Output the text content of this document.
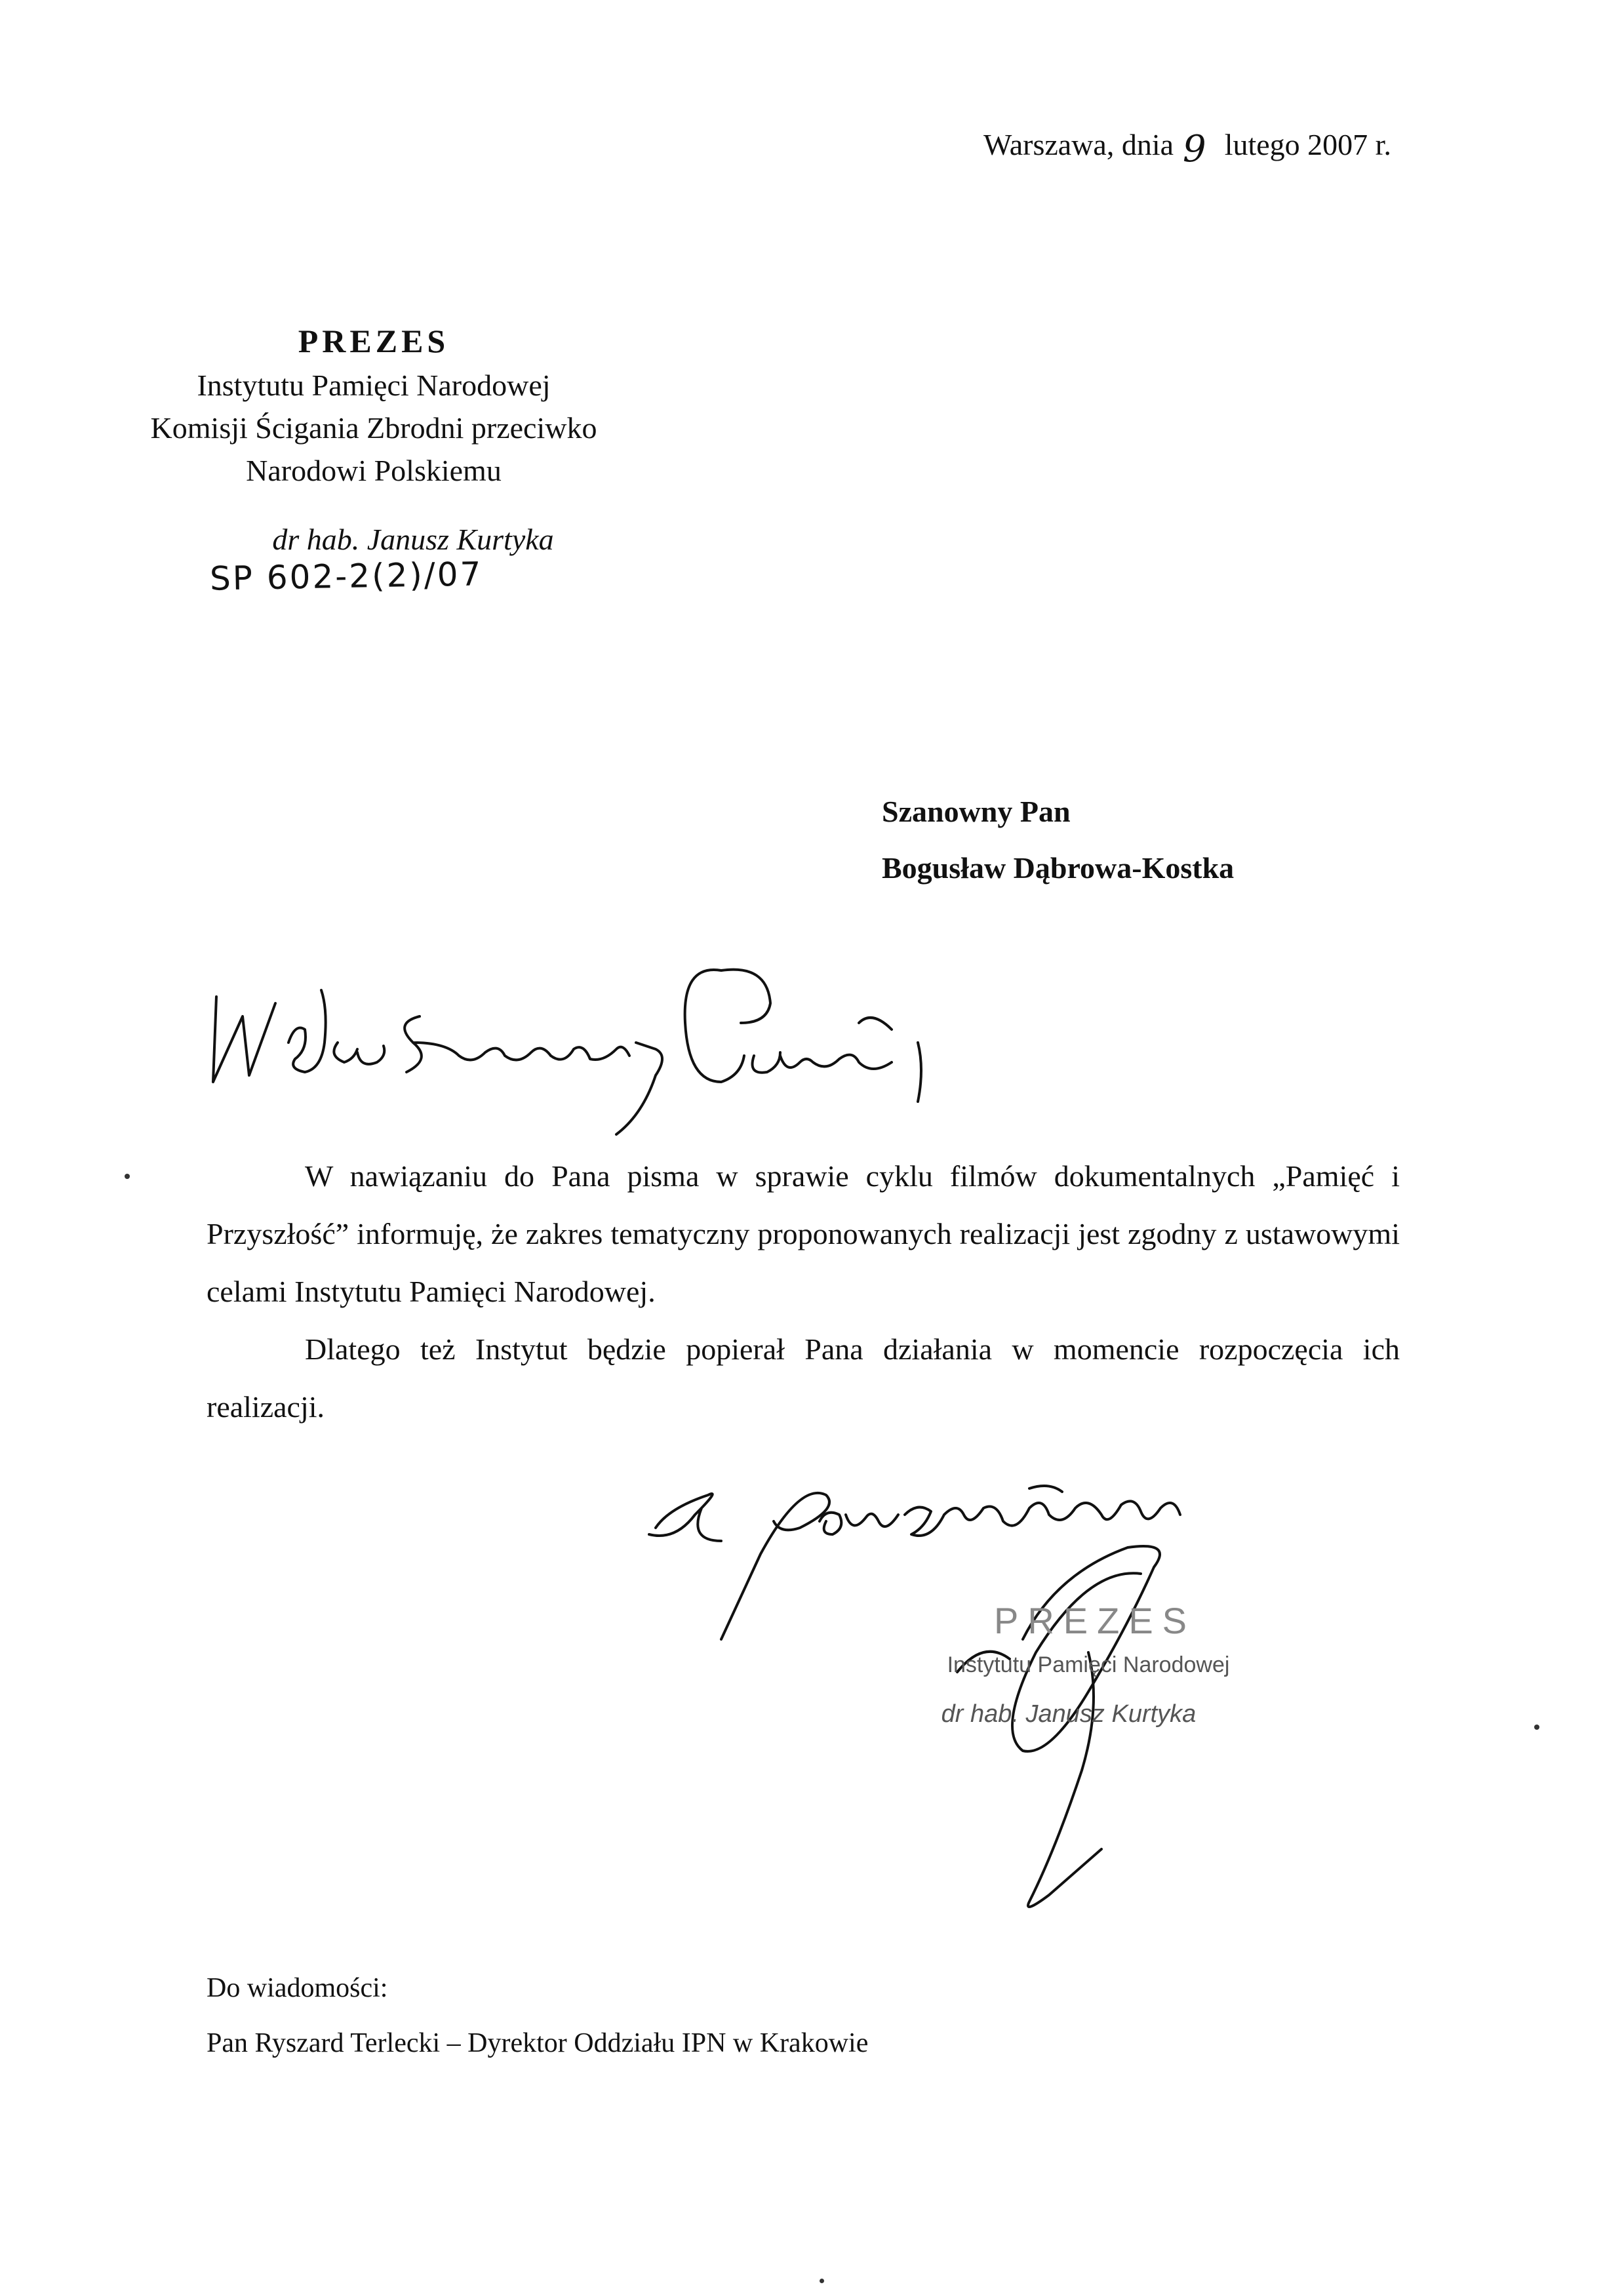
Warszawa, dnia 9 lutego 2007 r.
PREZES
Instytutu Pamięci Narodowej
Komisji Ścigania Zbrodni przeciwko
Narodowi Polskiemu
dr hab. Janusz Kurtyka
SP 602-2(2)/07
Szanowny Pan
Bogusław Dąbrowa-Kostka

W nawiązaniu do Pana pisma w sprawie cyklu filmów dokumentalnych „Pamięć i Przyszłość” informuję, że zakres tematyczny proponowanych realizacji jest zgodny z ustawowymi celami Instytutu Pamięci Narodowej.

Dlatego też Instytut będzie popierał Pana działania w momencie rozpoczęcia ich realizacji.

PREZES
Instytutu Pamięci Narodowej
dr hab. Janusz Kurtyka
Do wiadomości:
Pan Ryszard Terlecki – Dyrektor Oddziału IPN w Krakowie
